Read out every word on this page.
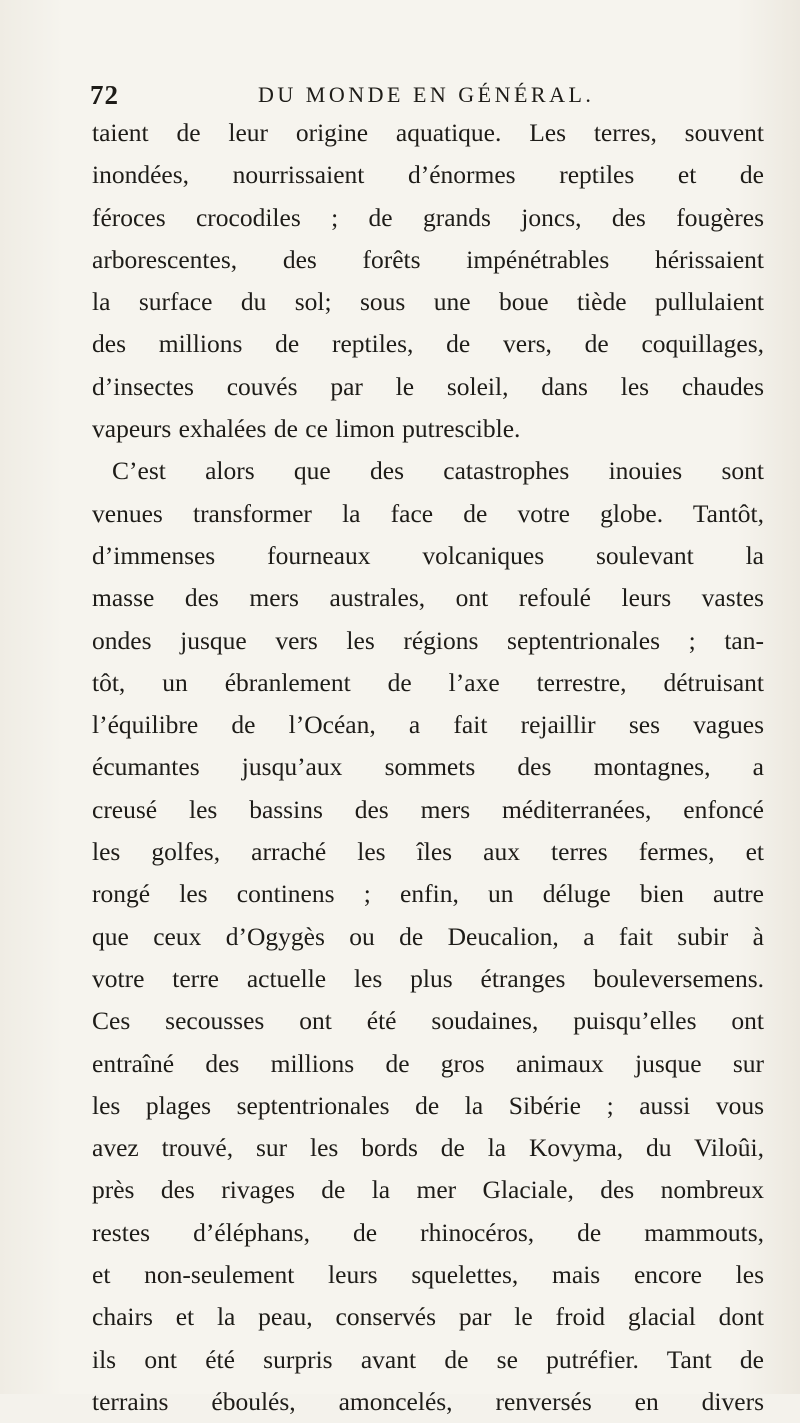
72	DU MONDE EN GÉNÉRAL.
taient de leur origine aquatique. Les terres, souvent
inondées, nourrissaient d’énormes reptiles et de
féroces crocodiles ; de grands joncs, des fougères
arborescentes, des forêts impénétrables hérissaient
la surface du sol; sous une boue tiède pullulaient
des millions de reptiles, de vers, de coquillages,
d’insectes couvés par le soleil, dans les chaudes
vapeurs exhalées de ce limon putrescible.
C’est alors que des catastrophes inouies sont
venues transformer la face de votre globe. Tantôt,
d’immenses fourneaux volcaniques soulevant la
masse des mers australes, ont refoulé leurs vastes
ondes jusque vers les régions septentrionales ; tan-
tôt, un ébranlement de l’axe terrestre, détruisant
l’équilibre de l’Océan, a fait rejaillir ses vagues
écumantes jusqu’aux sommets des montagnes, a
creusé les bassins des mers méditerranées, enfoncé
les golfes, arraché les îles aux terres fermes, et
rongé les continens ; enfin, un déluge bien autre
que ceux d’Ogygès ou de Deucalion, a fait subir à
votre terre actuelle les plus étranges bouleversemens.
Ces secousses ont été soudaines, puisqu’elles ont
entraîné des millions de gros animaux jusque sur
les plages septentrionales de la Sibérie ; aussi vous
avez trouvé, sur les bords de la Kovyma, du Viloûi,
près des rivages de la mer Glaciale, des nombreux
restes d’éléphans, de rhinocéros, de mammouts,
et non-seulement leurs squelettes, mais encore les
chairs et la peau, conservés par le froid glacial dont
ils ont été surpris avant de se putréfier. Tant de
terrains éboulés, amoncelés, renversés en divers
